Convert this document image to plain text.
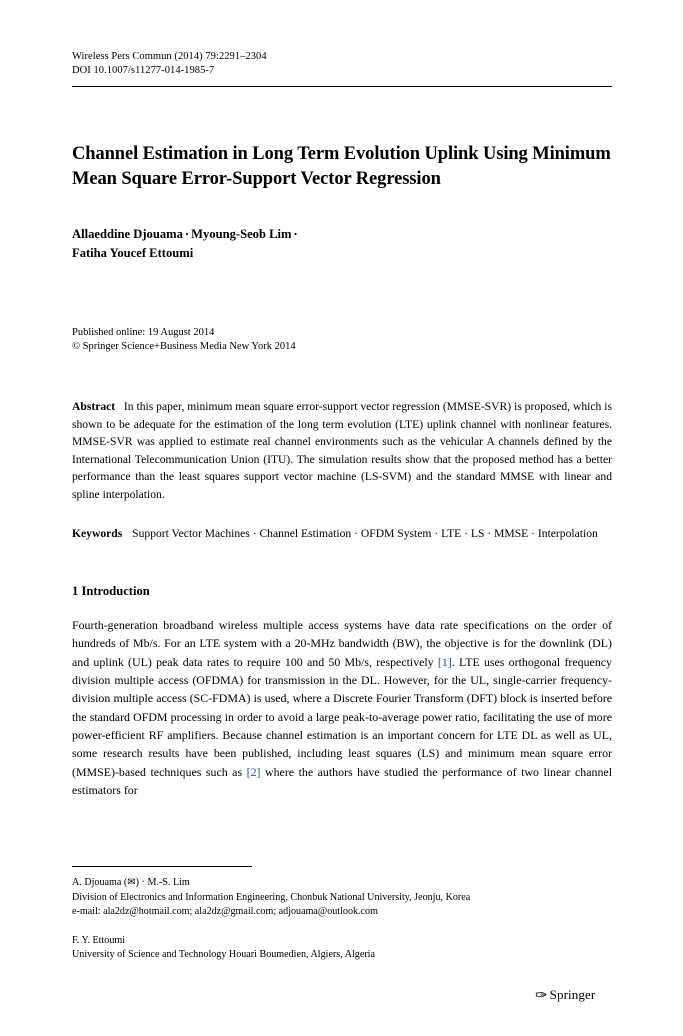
Wireless Pers Commun (2014) 79:2291–2304
DOI 10.1007/s11277-014-1985-7
Channel Estimation in Long Term Evolution Uplink Using Minimum Mean Square Error-Support Vector Regression
Allaeddine Djouama · Myoung-Seob Lim ·
Fatiha Youcef Ettoumi
Published online: 19 August 2014
© Springer Science+Business Media New York 2014
Abstract In this paper, minimum mean square error-support vector regression (MMSE-SVR) is proposed, which is shown to be adequate for the estimation of the long term evolution (LTE) uplink channel with nonlinear features. MMSE-SVR was applied to estimate real channel environments such as the vehicular A channels defined by the International Telecommunication Union (ITU). The simulation results show that the proposed method has a better performance than the least squares support vector machine (LS-SVM) and the standard MMSE with linear and spline interpolation.
Keywords Support Vector Machines · Channel Estimation · OFDM System · LTE · LS · MMSE · Interpolation
1 Introduction
Fourth-generation broadband wireless multiple access systems have data rate specifications on the order of hundreds of Mb/s. For an LTE system with a 20-MHz bandwidth (BW), the objective is for the downlink (DL) and uplink (UL) peak data rates to require 100 and 50 Mb/s, respectively [1]. LTE uses orthogonal frequency division multiple access (OFDMA) for transmission in the DL. However, for the UL, single-carrier frequency-division multiple access (SC-FDMA) is used, where a Discrete Fourier Transform (DFT) block is inserted before the standard OFDM processing in order to avoid a large peak-to-average power ratio, facilitating the use of more power-efficient RF amplifiers. Because channel estimation is an important concern for LTE DL as well as UL, some research results have been published, including least squares (LS) and minimum mean square error (MMSE)-based techniques such as [2] where the authors have studied the performance of two linear channel estimators for
A. Djouama (✉) · M.-S. Lim
Division of Electronics and Information Engineering, Chonbuk National University, Jeonju, Korea
e-mail: ala2dz@hotmail.com; ala2dz@gmail.com; adjouama@outlook.com
F. Y. Ettoumi
University of Science and Technology Houari Boumedien, Algiers, Algeria
✑ Springer
